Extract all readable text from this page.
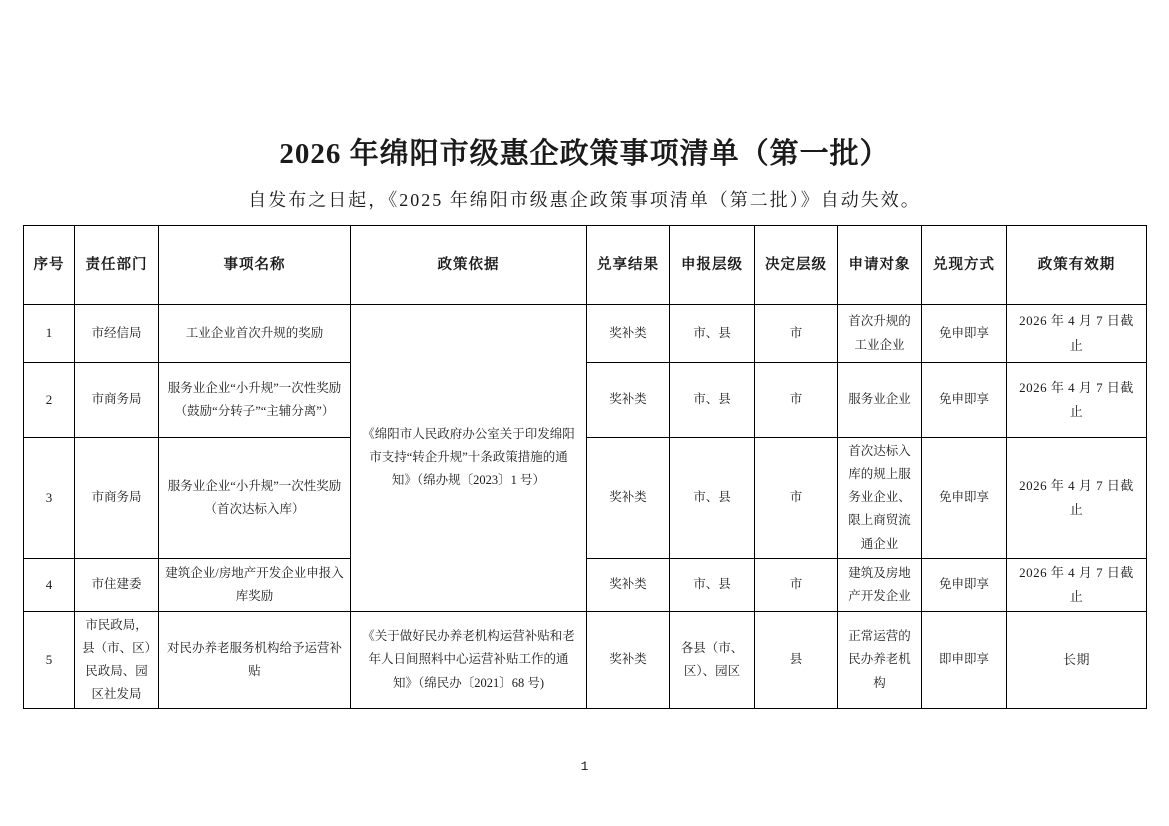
2026 年绵阳市级惠企政策事项清单（第一批）
自发布之日起，《2025 年绵阳市级惠企政策事项清单（第二批）》自动失效。
序号	责任部门	事项名称	政策依据	兑享结果	申报层级	决定层级	申请对象	兑现方式	政策有效期
1	市经信局	工业企业首次升规的奖励	《绵阳市人民政府办公室关于印发绵阳市支持“转企升规”十条政策措施的通知》（绵办规〔2023〕1 号）	奖补类	市、县	市	首次升规的工业企业	免申即享	2026 年 4 月 7 日截止
2	市商务局	服务业企业“小升规”一次性奖励（鼓励“分转子”“主辅分离”）		奖补类	市、县	市	服务业企业	免申即享	2026 年 4 月 7 日截止
3	市商务局	服务业企业“小升规”一次性奖励（首次达标入库）		奖补类	市、县	市	首次达标入库的规上服务业企业、限上商贸流通企业	免申即享	2026 年 4 月 7 日截止
4	市住建委	建筑企业/房地产开发企业申报入库奖励		奖补类	市、县	市	建筑及房地产开发企业	免申即享	2026 年 4 月 7 日截止
5	市民政局，县（市、区）民政局、园区社发局	对民办养老服务机构给予运营补贴	《关于做好民办养老机构运营补贴和老年人日间照料中心运营补贴工作的通知》（绵民办〔2021〕68 号)	奖补类	各县（市、区）、园区	县	正常运营的民办养老机构	即申即享	长期
1
